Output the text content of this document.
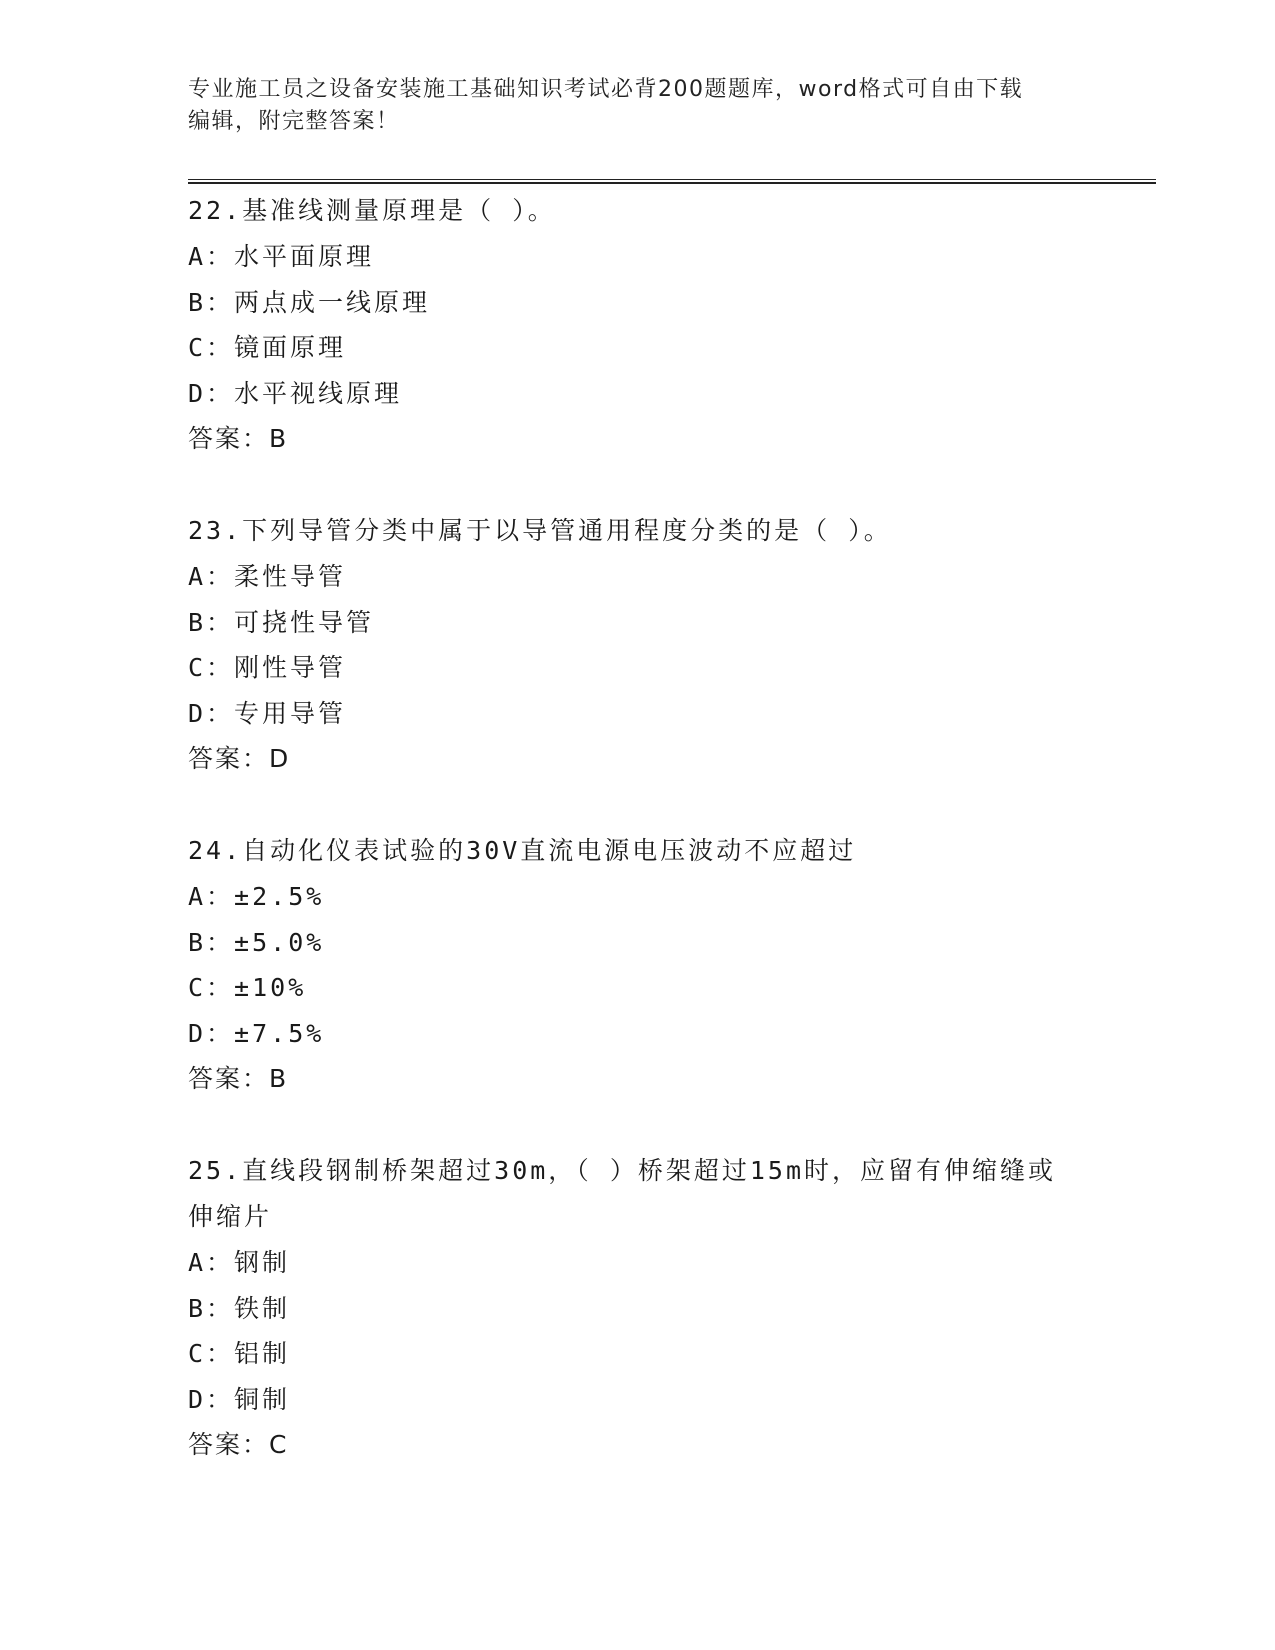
专业施工员之设备安装施工基础知识考试必背200题题库，word格式可自由下载
编辑，附完整答案！
22.基准线测量原理是（ ）。
A：水平面原理
B：两点成一线原理
C：镜面原理
D：水平视线原理
答案：B
23.下列导管分类中属于以导管通用程度分类的是（ ）。
A：柔性导管
B：可挠性导管
C：刚性导管
D：专用导管
答案：D
24.自动化仪表试验的30V直流电源电压波动不应超过
A：±2.5%
B：±5.0%
C：±10%
D：±7.5%
答案：B
25.直线段钢制桥架超过30m，（ ）桥架超过15m时，应留有伸缩缝或
伸缩片
A：钢制
B：铁制
C：铝制
D：铜制
答案：C
